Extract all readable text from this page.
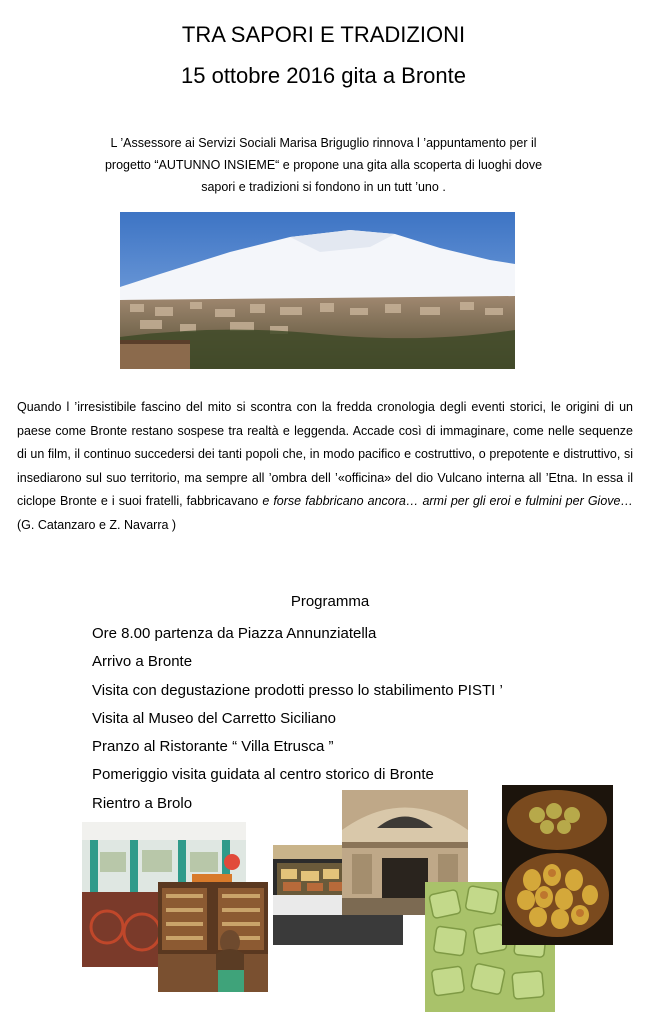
TRA SAPORI E TRADIZIONI
15 ottobre 2016 gita a Bronte
L ’Assessore ai Servizi Sociali Marisa Briguglio rinnova l ’appuntamento per il
progetto “AUTUNNO INSIEME“ e propone una gita alla scoperta di luoghi dove
sapori e tradizioni si fondono in un tutt ’uno .
Quando l ’irresistibile fascino del mito si scontra con la fredda cronologia degli eventi storici, le origini di un paese come Bronte restano sospese tra realtà e leggenda. Accade così di immaginare, come nelle sequenze di un film, il continuo succedersi dei tanti popoli che, in modo pacifico e costruttivo, o prepotente e distruttivo, si insediarono sul suo territorio, ma sempre all ’ombra dell ’«officina» del dio Vulcano interna all ’Etna. In essa il ciclope Bronte e i suoi fratelli, fabbricavano e forse fabbricano ancora… armi per gli eroi e fulmini per Giove… (G. Catanzaro e Z. Navarra )
Programma
Ore 8.00 partenza da Piazza Annunziatella
Arrivo a Bronte
Visita con degustazione prodotti presso lo stabilimento PISTI ’
Visita al Museo del Carretto Siciliano
Pranzo al Ristorante “ Villa Etrusca ”
Pomeriggio visita guidata al centro storico di Bronte
Rientro a Brolo
